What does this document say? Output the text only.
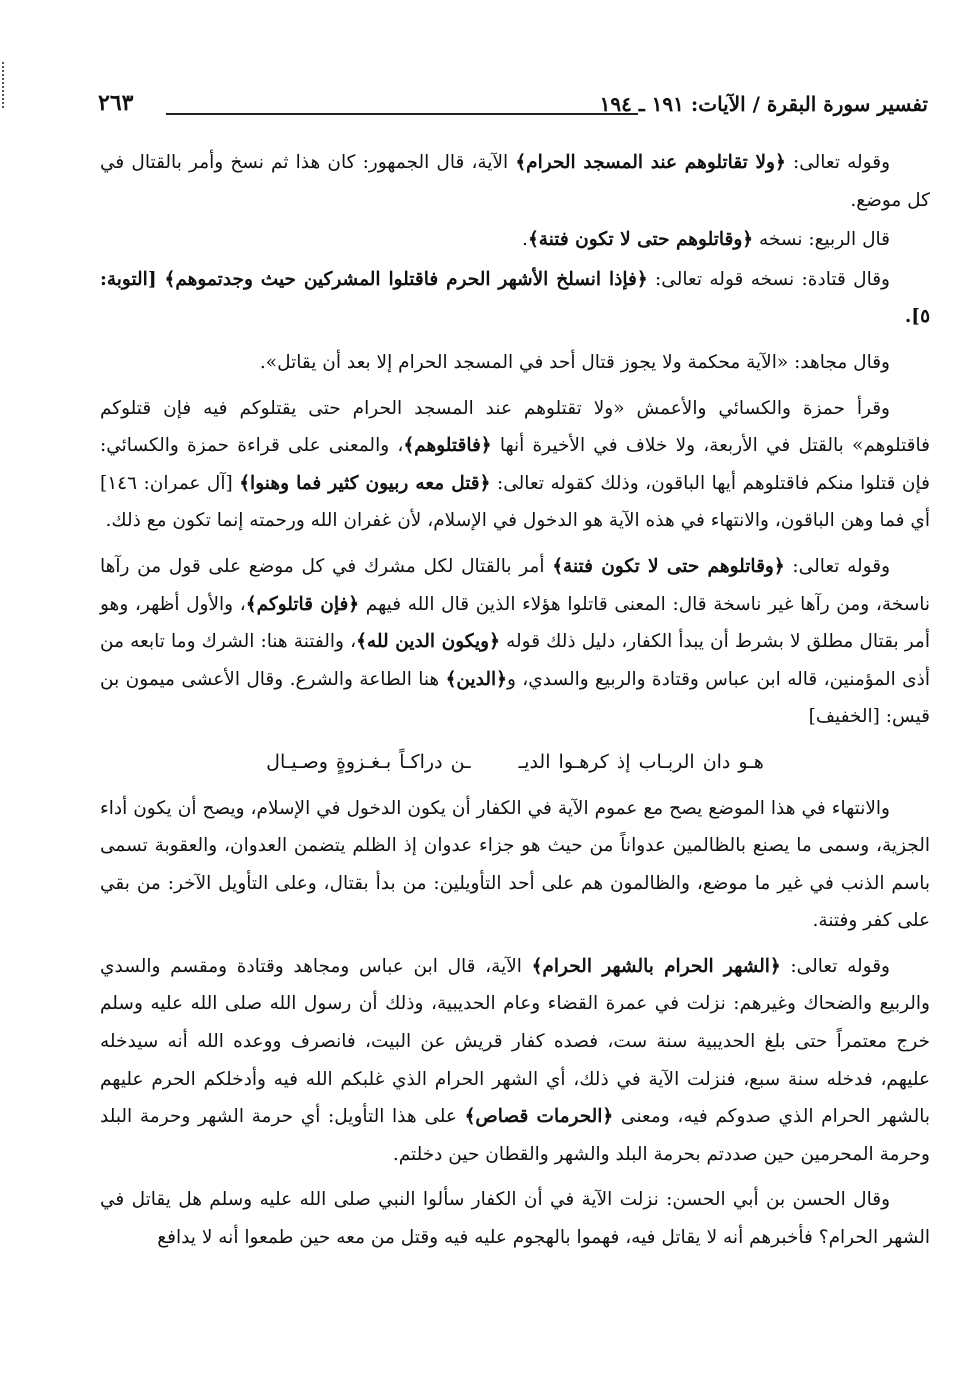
تفسير سورة البقرة / الآيات: ١٩١ ـ ١٩٤
٢٦٣

وقوله تعالى: ﴿ولا تقاتلوهم عند المسجد الحرام﴾ الآية، قال الجمهور: كان هذا ثم نسخ وأمر بالقتال في كل موضع.

قال الربيع: نسخه ﴿وقاتلوهم حتى لا تكون فتنة﴾.

وقال قتادة: نسخه قوله تعالى: ﴿فإذا انسلخ الأشهر الحرم فاقتلوا المشركين حيث وجدتموهم﴾ [التوبة: ٥].

وقال مجاهد: «الآية محكمة ولا يجوز قتال أحد في المسجد الحرام إلا بعد أن يقاتل».

وقرأ حمزة والكسائي والأعمش «ولا تقتلوهم عند المسجد الحرام حتى يقتلوكم فيه فإن قتلوكم فاقتلوهم» بالقتل في الأربعة، ولا خلاف في الأخيرة أنها ﴿فاقتلوهم﴾، والمعنى على قراءة حمزة والكسائي: فإن قتلوا منكم فاقتلوهم أيها الباقون، وذلك كقوله تعالى: ﴿قتل معه ربيون كثير فما وهنوا﴾ [آل عمران: ١٤٦] أي فما وهن الباقون، والانتهاء في هذه الآية هو الدخول في الإسلام، لأن غفران الله ورحمته إنما تكون مع ذلك.

وقوله تعالى: ﴿وقاتلوهم حتى لا تكون فتنة﴾ أمر بالقتال لكل مشرك في كل موضع على قول من رآها ناسخة، ومن رآها غير ناسخة قال: المعنى قاتلوا هؤلاء الذين قال الله فيهم ﴿فإن قاتلوكم﴾، والأول أظهر، وهو أمر بقتال مطلق لا بشرط أن يبدأ الكفار، دليل ذلك قوله ﴿ويكون الدين لله﴾، والفتنة هنا: الشرك وما تابعه من أذى المؤمنين، قاله ابن عباس وقتادة والربيع والسدي، و﴿الدين﴾ هنا الطاعة والشرع. وقال الأعشى ميمون بن قيس: [الخفيف]

هـو دان الربـاب إذ كرهـوا الديــن دراكـاً بـغـزوةٍ وصـيـال

والانتهاء في هذا الموضع يصح مع عموم الآية في الكفار أن يكون الدخول في الإسلام، ويصح أن يكون أداء الجزية، وسمى ما يصنع بالظالمين عدواناً من حيث هو جزاء عدوان إذ الظلم يتضمن العدوان، والعقوبة تسمى باسم الذنب في غير ما موضع، والظالمون هم على أحد التأويلين: من بدأ بقتال، وعلى التأويل الآخر: من بقي على كفر وفتنة.

وقوله تعالى: ﴿الشهر الحرام بالشهر الحرام﴾ الآية، قال ابن عباس ومجاهد وقتادة ومقسم والسدي والربيع والضحاك وغيرهم: نزلت في عمرة القضاء وعام الحديبية، وذلك أن رسول الله صلى الله عليه وسلم خرج معتمراً حتى بلغ الحديبية سنة ست، فصده كفار قريش عن البيت، فانصرف ووعده الله أنه سيدخله عليهم، فدخله سنة سبع، فنزلت الآية في ذلك، أي الشهر الحرام الذي غلبكم الله فيه وأدخلكم الحرم عليهم بالشهر الحرام الذي صدوكم فيه، ومعنى ﴿الحرمات قصاص﴾ على هذا التأويل: أي حرمة الشهر وحرمة البلد وحرمة المحرمين حين صددتم بحرمة البلد والشهر والقطان حين دخلتم.

وقال الحسن بن أبي الحسن: نزلت الآية في أن الكفار سألوا النبي صلى الله عليه وسلم هل يقاتل في الشهر الحرام؟ فأخبرهم أنه لا يقاتل فيه، فهموا بالهجوم عليه فيه وقتل من معه حين طمعوا أنه لا يدافع
